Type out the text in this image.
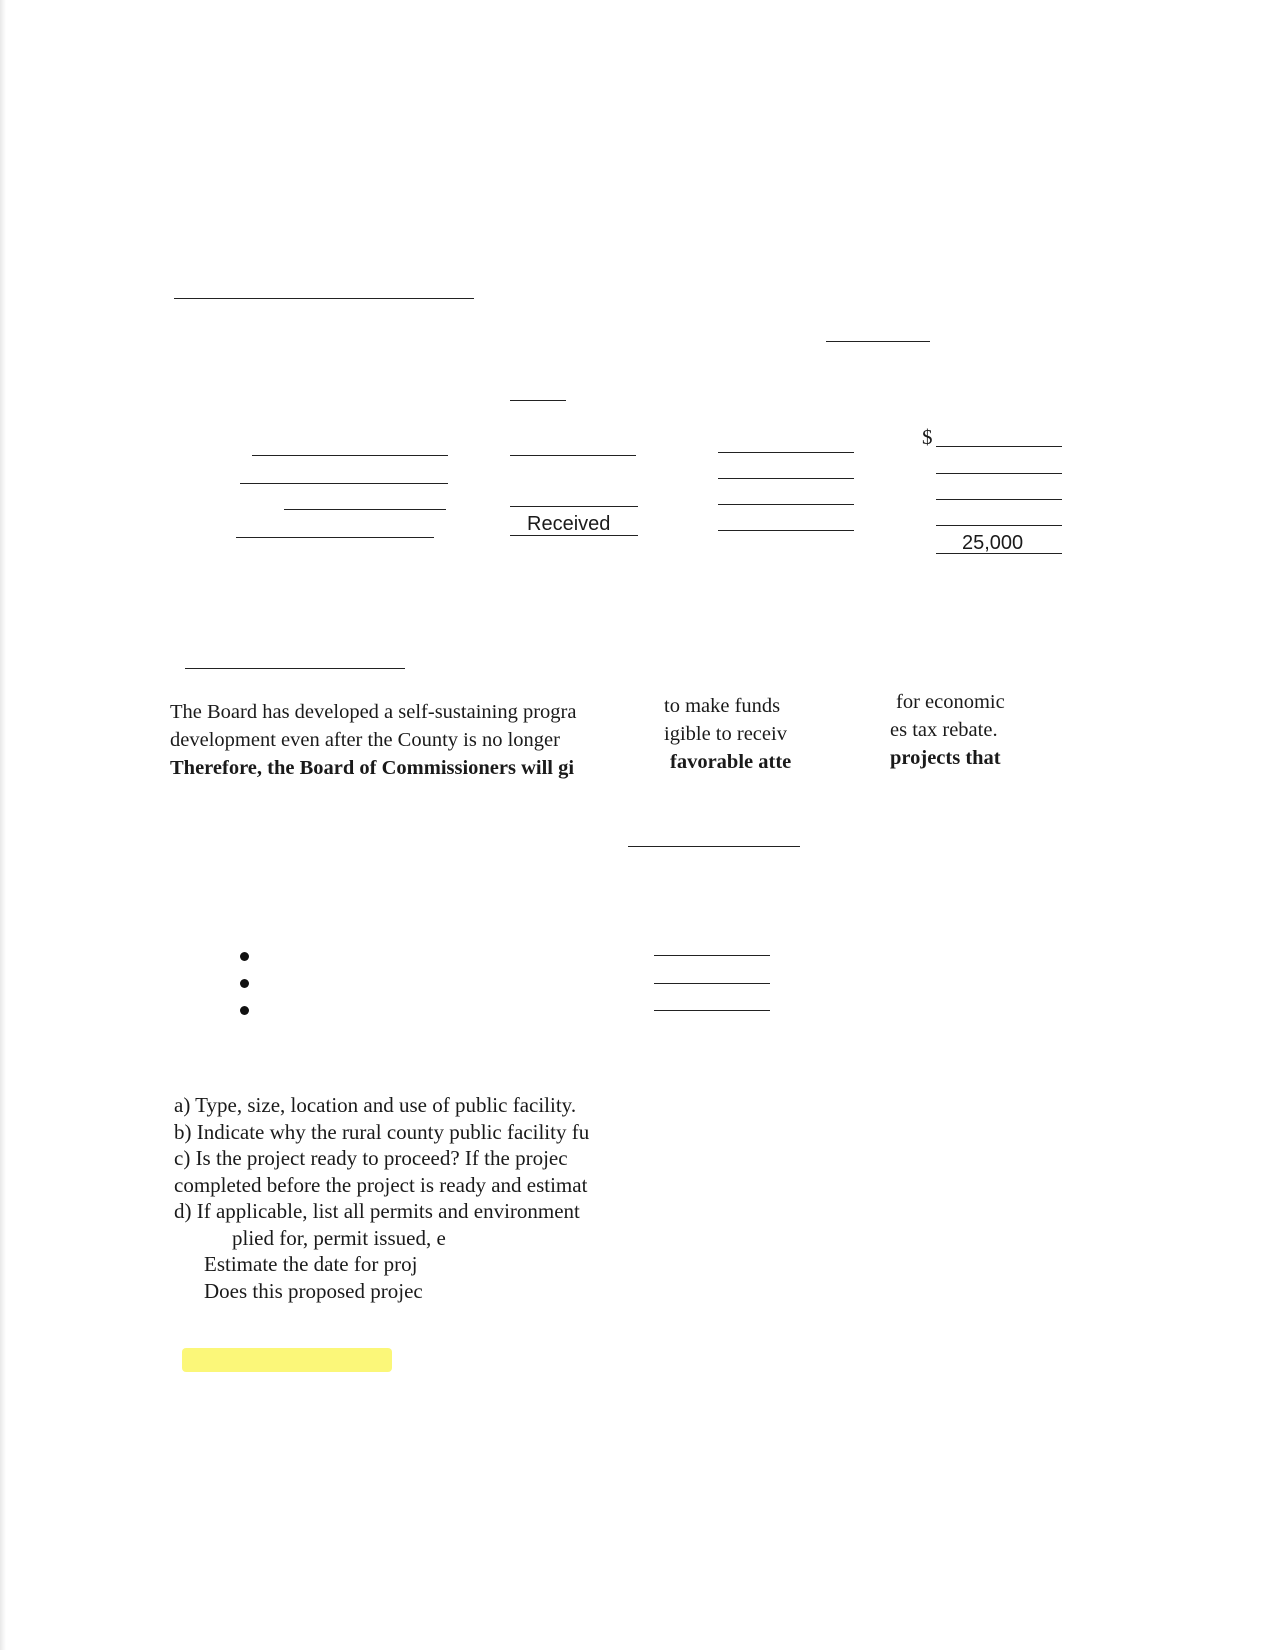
Received
$
25,000
The Board has developed a self-sustaining progra
development even after the County is no longer
Therefore, the Board of Commissioners will gi
to make funds
igible to receiv
favorable atte
for economic
es tax rebate.
projects that
a) Type, size, location and use of public facility.
b) Indicate why the rural county public facility fu
c) Is the project ready to proceed? If the projec
completed before the project is ready and estimat
d) If applicable, list all permits and environment
plied for, permit issued, e
Estimate the date for proj
Does this proposed projec
